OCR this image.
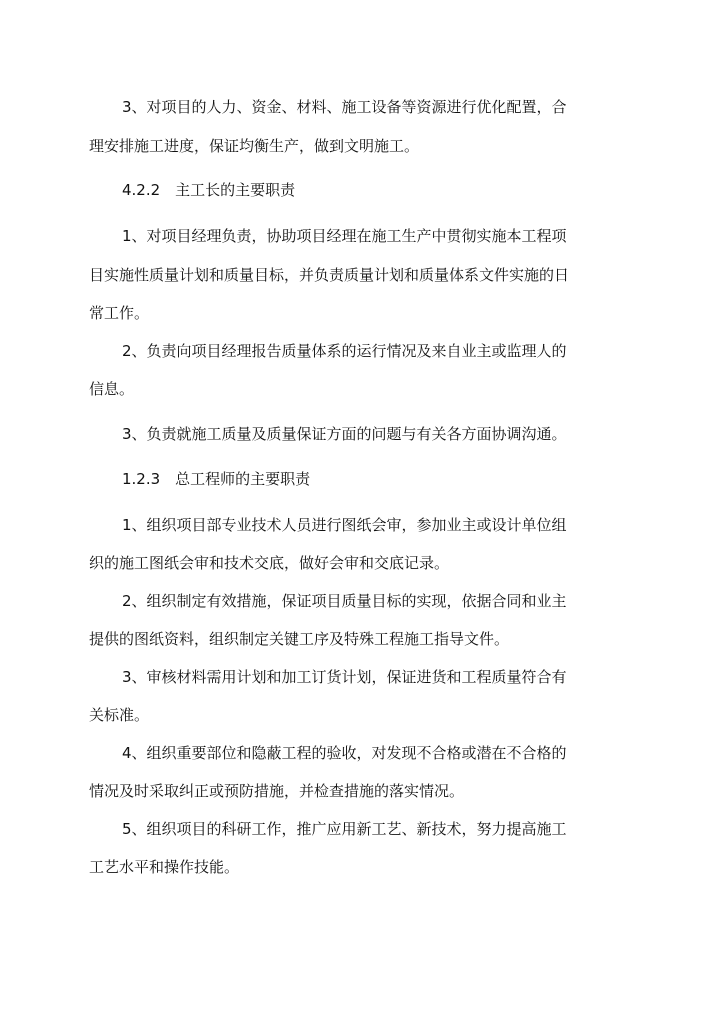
3、对项目的人力、资金、材料、施工设备等资源进行优化配置，合
理安排施工进度，保证均衡生产，做到文明施工。
4.2.2　主工长的主要职责
1、对项目经理负责，协助项目经理在施工生产中贯彻实施本工程项
目实施性质量计划和质量目标，并负责质量计划和质量体系文件实施的日
常工作。
2、负责向项目经理报告质量体系的运行情况及来自业主或监理人的
信息。
3、负责就施工质量及质量保证方面的问题与有关各方面协调沟通。
1.2.3　总工程师的主要职责
1、组织项目部专业技术人员进行图纸会审，参加业主或设计单位组
织的施工图纸会审和技术交底，做好会审和交底记录。
2、组织制定有效措施，保证项目质量目标的实现，依据合同和业主
提供的图纸资料，组织制定关键工序及特殊工程施工指导文件。
3、审核材料需用计划和加工订货计划，保证进货和工程质量符合有
关标准。
4、组织重要部位和隐蔽工程的验收，对发现不合格或潜在不合格的
情况及时采取纠正或预防措施，并检查措施的落实情况。
5、组织项目的科研工作，推广应用新工艺、新技术，努力提高施工
工艺水平和操作技能。
